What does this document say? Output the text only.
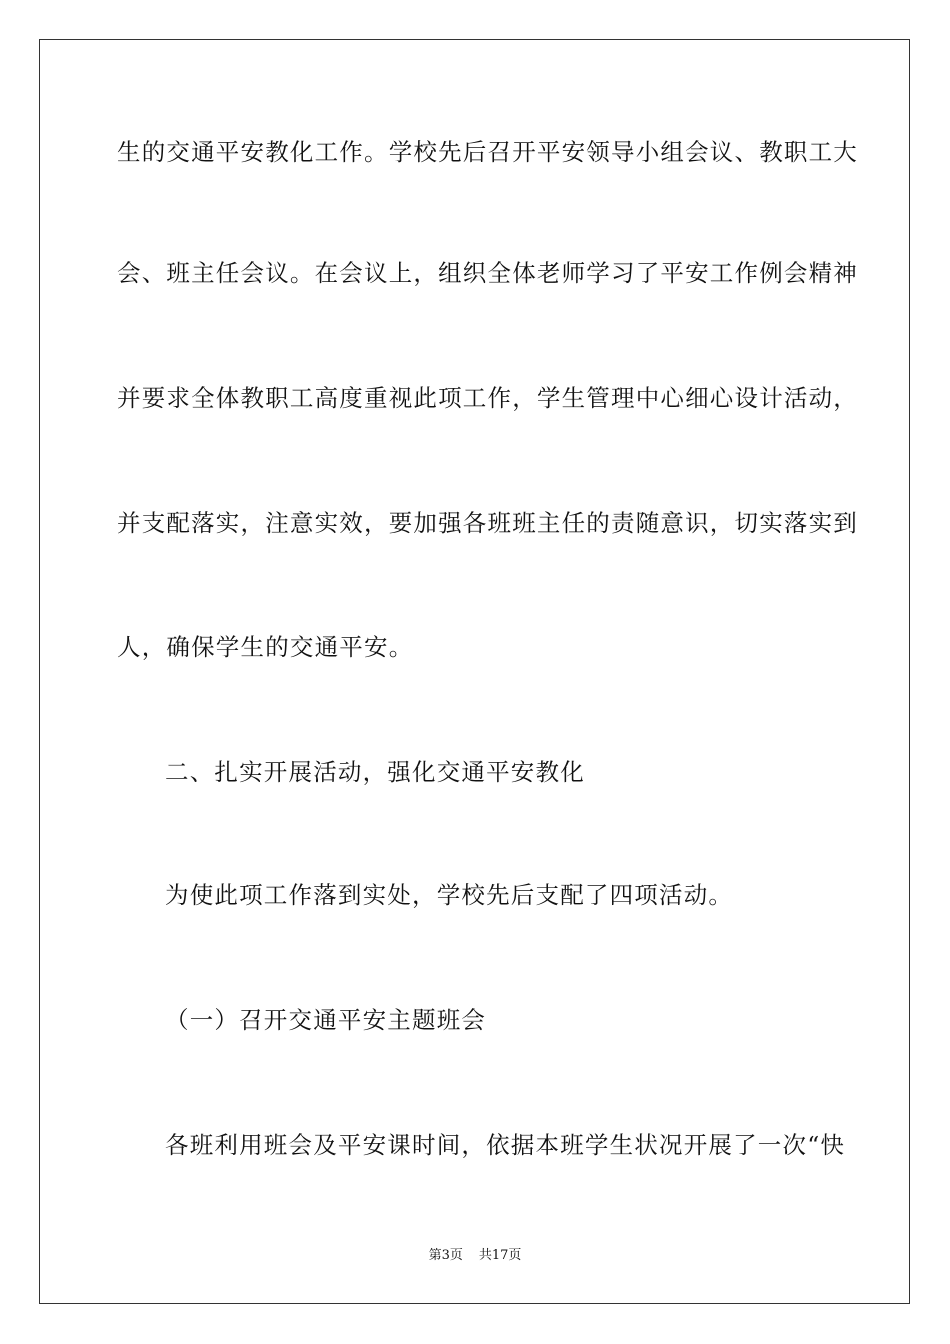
生的交通平安教化工作。学校先后召开平安领导小组会议、教职工大
会、班主任会议。在会议上，组织全体老师学习了平安工作例会精神
并要求全体教职工高度重视此项工作，学生管理中心细心设计活动，
并支配落实，注意实效，要加强各班班主任的责随意识，切实落实到
人，确保学生的交通平安。
二、扎实开展活动，强化交通平安教化
为使此项工作落到实处，学校先后支配了四项活动。
（一）召开交通平安主题班会
各班利用班会及平安课时间，依据本班学生状况开展了一次“快
第3页 共17页
